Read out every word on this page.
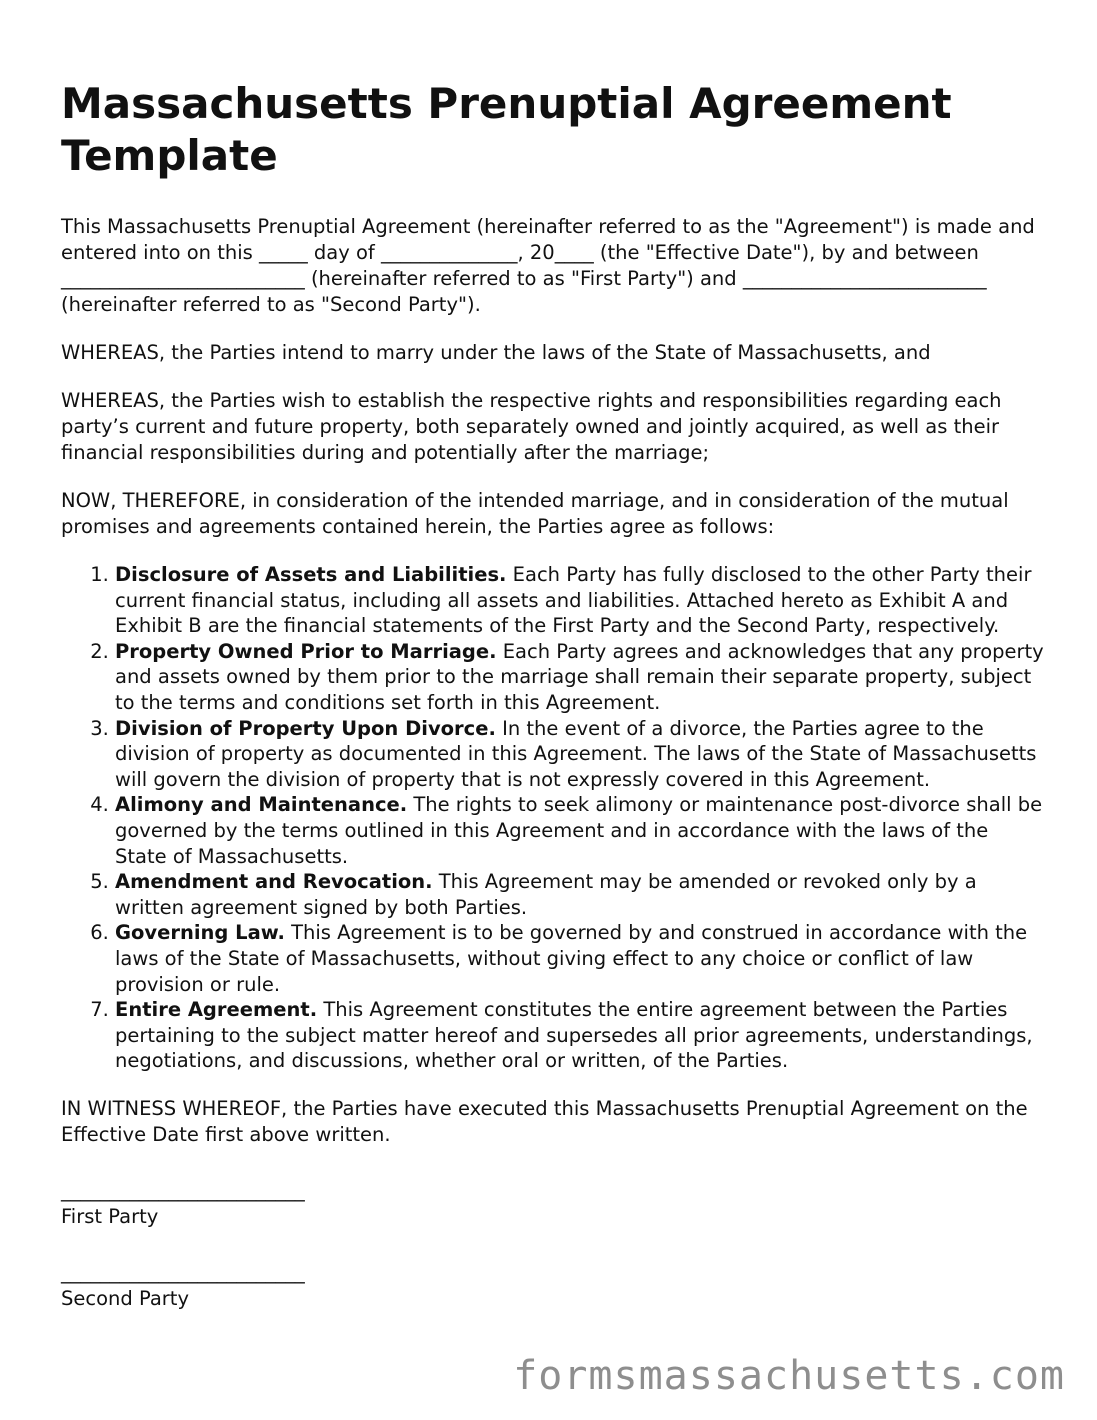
Massachusetts Prenuptial Agreement Template

This Massachusetts Prenuptial Agreement (hereinafter referred to as the "Agreement") is made and entered into on this _____ day of ______________, 20____ (the "Effective Date"), by and between _________________________ (hereinafter referred to as "First Party") and _________________________ (hereinafter referred to as "Second Party").

WHEREAS, the Parties intend to marry under the laws of the State of Massachusetts, and

WHEREAS, the Parties wish to establish the respective rights and responsibilities regarding each party’s current and future property, both separately owned and jointly acquired, as well as their financial responsibilities during and potentially after the marriage;

NOW, THEREFORE, in consideration of the intended marriage, and in consideration of the mutual promises and agreements contained herein, the Parties agree as follows:

1. Disclosure of Assets and Liabilities. Each Party has fully disclosed to the other Party their current financial status, including all assets and liabilities. Attached hereto as Exhibit A and Exhibit B are the financial statements of the First Party and the Second Party, respectively.
2. Property Owned Prior to Marriage. Each Party agrees and acknowledges that any property and assets owned by them prior to the marriage shall remain their separate property, subject to the terms and conditions set forth in this Agreement.
3. Division of Property Upon Divorce. In the event of a divorce, the Parties agree to the division of property as documented in this Agreement. The laws of the State of Massachusetts will govern the division of property that is not expressly covered in this Agreement.
4. Alimony and Maintenance. The rights to seek alimony or maintenance post-divorce shall be governed by the terms outlined in this Agreement and in accordance with the laws of the State of Massachusetts.
5. Amendment and Revocation. This Agreement may be amended or revoked only by a written agreement signed by both Parties.
6. Governing Law. This Agreement is to be governed by and construed in accordance with the laws of the State of Massachusetts, without giving effect to any choice or conflict of law provision or rule.
7. Entire Agreement. This Agreement constitutes the entire agreement between the Parties pertaining to the subject matter hereof and supersedes all prior agreements, understandings, negotiations, and discussions, whether oral or written, of the Parties.

IN WITNESS WHEREOF, the Parties have executed this Massachusetts Prenuptial Agreement on the Effective Date first above written.

_________________________
First Party
_________________________
Second Party
formsmassachusetts.com
